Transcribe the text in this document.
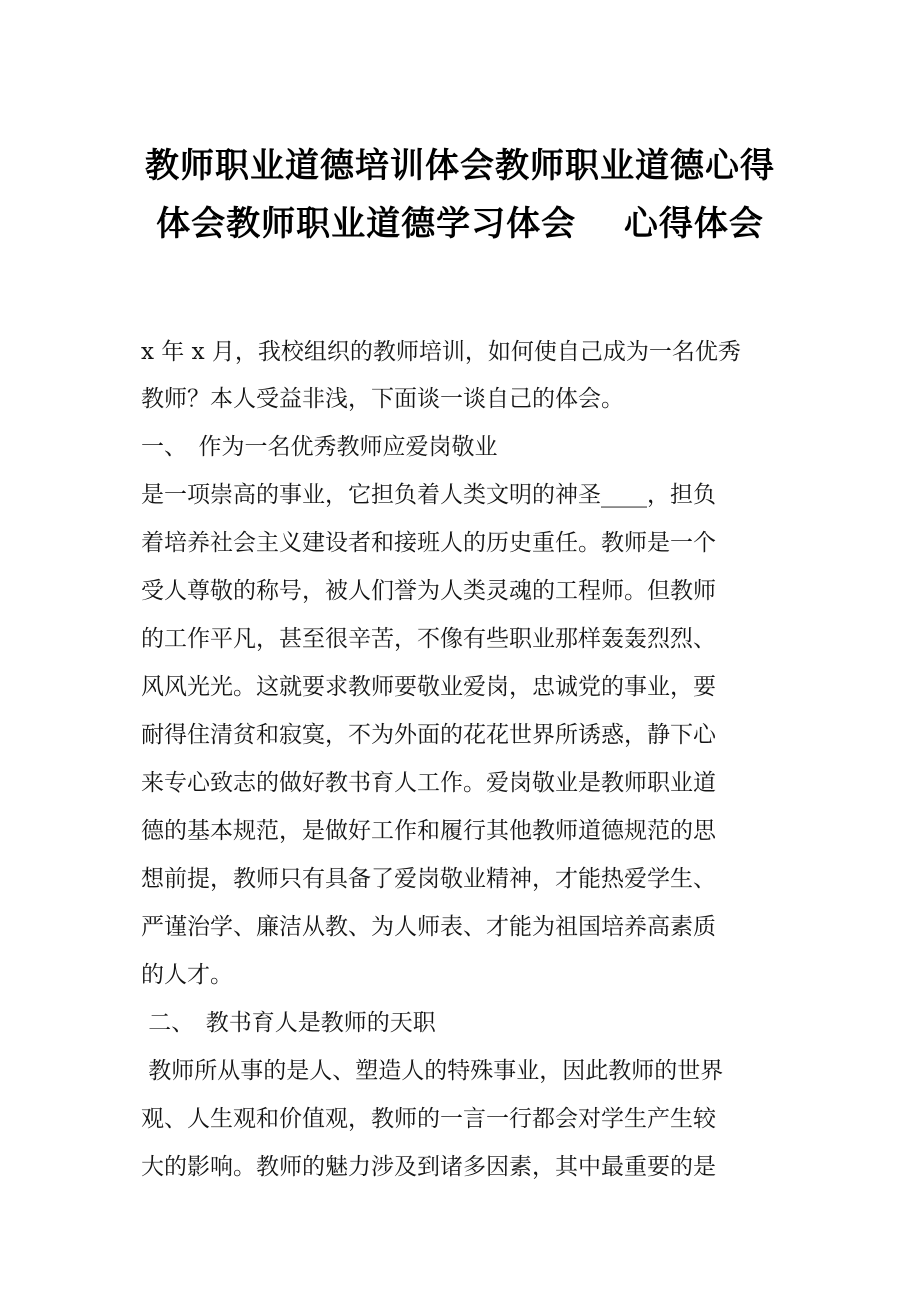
教师职业道德培训体会教师职业道德心得
体会教师职业道德学习体会　 心得体会
x 年 x 月，我校组织的教师培训，如何使自己成为一名优秀
教师？本人受益非浅，下面谈一谈自己的体会。
一、　作为一名优秀教师应爱岗敬业
是一项崇高的事业，它担负着人类文明的神圣____，担负
着培养社会主义建设者和接班人的历史重任。教师是一个
受人尊敬的称号，被人们誉为人类灵魂的工程师。但教师
的工作平凡，甚至很辛苦，不像有些职业那样轰轰烈烈、
风风光光。这就要求教师要敬业爱岗，忠诚党的事业，要
耐得住清贫和寂寞，不为外面的花花世界所诱惑，静下心
来专心致志的做好教书育人工作。爱岗敬业是教师职业道
德的基本规范，是做好工作和履行其他教师道德规范的思
想前提，教师只有具备了爱岗敬业精神，才能热爱学生、
严谨治学、廉洁从教、为人师表、才能为祖国培养高素质
的人才。
二、　教书育人是教师的天职
教师所从事的是人、塑造人的特殊事业，因此教师的世界
观、人生观和价值观，教师的一言一行都会对学生产生较
大的影响。教师的魅力涉及到诸多因素，其中最重要的是
